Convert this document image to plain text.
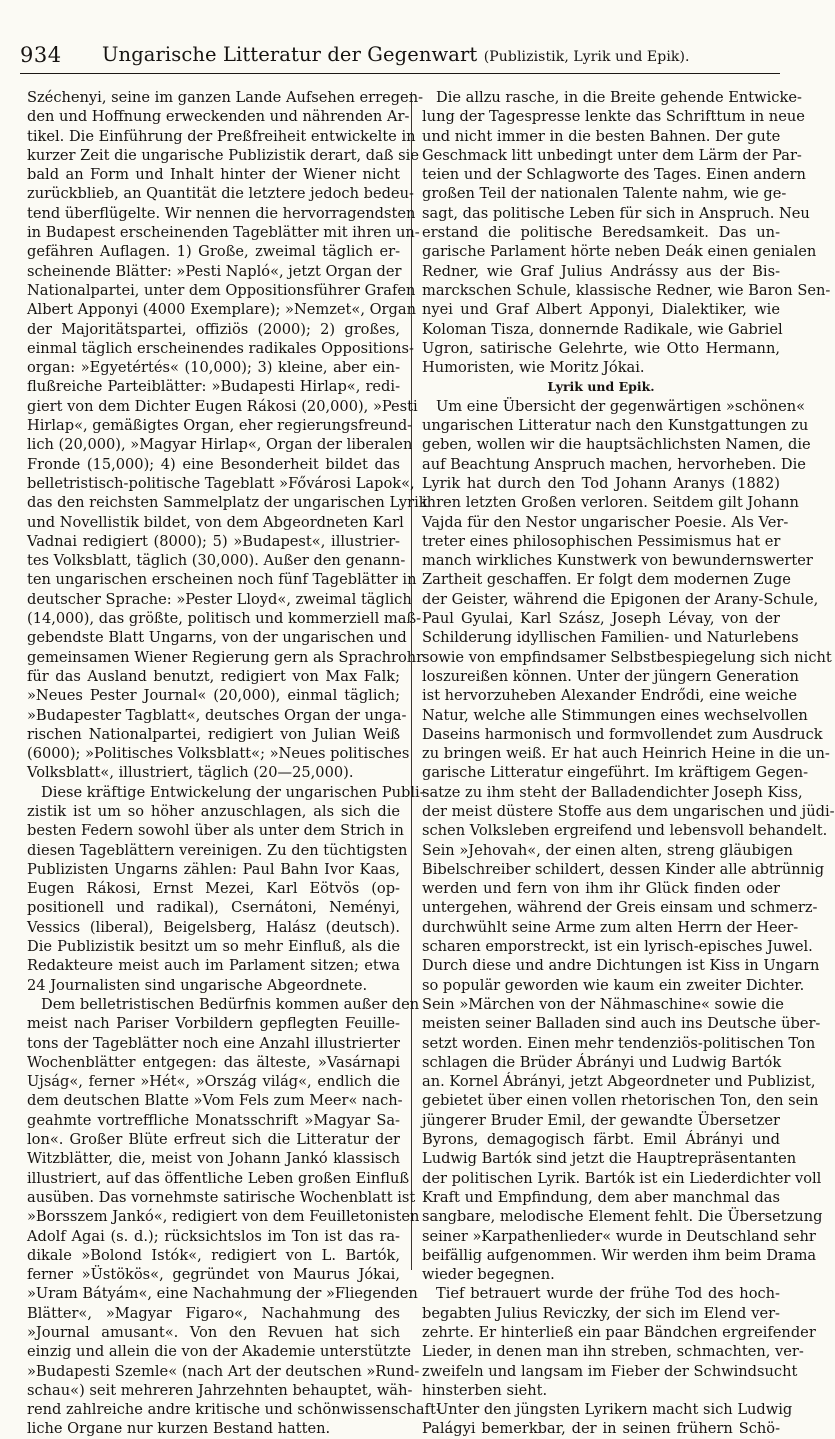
934 Ungarische Litteratur der Gegenwart (Publizistik, Lyrik und Epik).
Széchenyi, seine im ganzen Lande Aufsehen erregen-
den und Hoffnung erweckenden und nährenden Ar-
tikel. Die Einführung der Preßfreiheit entwickelte in
kurzer Zeit die ungarische Publizistik derart, daß sie
bald an Form und Inhalt hinter der Wiener nicht
zurückblieb, an Quantität die letztere jedoch bedeu-
tend überflügelte. Wir nennen die hervorragendsten
in Budapest erscheinenden Tageblätter mit ihren un-
gefähren Auflagen. 1) Große, zweimal täglich er-
scheinende Blätter: »Pesti Napló«, jetzt Organ der
Nationalpartei, unter dem Oppositionsführer Grafen
Albert Apponyi (4000 Exemplare); »Nemzet«, Organ
der Majoritätspartei, offiziös (2000); 2) großes,
einmal täglich erscheinendes radikales Oppositions-
organ: »Egyetértés« (10,000); 3) kleine, aber ein-
flußreiche Parteiblätter: »Budapesti Hirlap«, redi-
giert von dem Dichter Eugen Rákosi (20,000), »Pesti
Hirlap«, gemäßigtes Organ, eher regierungsfreund-
lich (20,000), »Magyar Hirlap«, Organ der liberalen
Fronde (15,000); 4) eine Besonderheit bildet das
belletristisch-politische Tageblatt »Fővárosi Lapok«,
das den reichsten Sammelplatz der ungarischen Lyrik
und Novellistik bildet, von dem Abgeordneten Karl
Vadnai redigiert (8000); 5) »Budapest«, illustrier-
tes Volksblatt, täglich (30,000). Außer den genann-
ten ungarischen erscheinen noch fünf Tageblätter in
deutscher Sprache: »Pester Lloyd«, zweimal täglich
(14,000), das größte, politisch und kommerziell maß-
gebendste Blatt Ungarns, von der ungarischen und
gemeinsamen Wiener Regierung gern als Sprachrohr
für das Ausland benutzt, redigiert von Max Falk;
»Neues Pester Journal« (20,000), einmal täglich;
»Budapester Tagblatt«, deutsches Organ der unga-
rischen Nationalpartei, redigiert von Julian Weiß
(6000); »Politisches Volksblatt«; »Neues politisches
Volksblatt«, illustriert, täglich (20—25,000).
Diese kräftige Entwickelung der ungarischen Publi-
zistik ist um so höher anzuschlagen, als sich die
besten Federn sowohl über als unter dem Strich in
diesen Tageblättern vereinigen. Zu den tüchtigsten
Publizisten Ungarns zählen: Paul Bahn Ivor Kaas,
Eugen Rákosi, Ernst Mezei, Karl Eötvös (op-
positionell und radikal), Csernátoni, Neményi,
Vessics (liberal), Beigelsberg, Halász (deutsch).
Die Publizistik besitzt um so mehr Einfluß, als die
Redakteure meist auch im Parlament sitzen; etwa
24 Journalisten sind ungarische Abgeordnete.
Dem belletristischen Bedürfnis kommen außer den
meist nach Pariser Vorbildern gepflegten Feuille-
tons der Tageblätter noch eine Anzahl illustrierter
Wochenblätter entgegen: das älteste, »Vasárnapi
Ujság«, ferner »Hét«, »Ország világ«, endlich die
dem deutschen Blatte »Vom Fels zum Meer« nach-
geahmte vortreffliche Monatsschrift »Magyar Sa-
lon«. Großer Blüte erfreut sich die Litteratur der
Witzblätter, die, meist von Johann Jankó klassisch
illustriert, auf das öffentliche Leben großen Einfluß
ausüben. Das vornehmste satirische Wochenblatt ist
»Borsszem Jankó«, redigiert von dem Feuilletonisten
Adolf Agai (s. d.); rücksichtslos im Ton ist das ra-
dikale »Bolond Istók«, redigiert von L. Bartók,
ferner »Üstökös«, gegründet von Maurus Jókai,
»Uram Bátyám«, eine Nachahmung der »Fliegenden
Blätter«, »Magyar Figaro«, Nachahmung des
»Journal amusant«. Von den Revuen hat sich
einzig und allein die von der Akademie unterstützte
»Budapesti Szemle« (nach Art der deutschen »Rund-
schau«) seit mehreren Jahrzehnten behauptet, wäh-
rend zahlreiche andre kritische und schönwissenschaft-
liche Organe nur kurzen Bestand hatten.
Die allzu rasche, in die Breite gehende Entwicke-
lung der Tagespresse lenkte das Schrifttum in neue
und nicht immer in die besten Bahnen. Der gute
Geschmack litt unbedingt unter dem Lärm der Par-
teien und der Schlagworte des Tages. Einen andern
großen Teil der nationalen Talente nahm, wie ge-
sagt, das politische Leben für sich in Anspruch. Neu
erstand die politische Beredsamkeit. Das un-
garische Parlament hörte neben Deák einen genialen
Redner, wie Graf Julius Andrássy aus der Bis-
marckschen Schule, klassische Redner, wie Baron Sen-
nyei und Graf Albert Apponyi, Dialektiker, wie
Koloman Tisza, donnernde Radikale, wie Gabriel
Ugron, satirische Gelehrte, wie Otto Hermann,
Humoristen, wie Moritz Jókai.
Lyrik und Epik.
Um eine Übersicht der gegenwärtigen »schönen«
ungarischen Litteratur nach den Kunstgattungen zu
geben, wollen wir die hauptsächlichsten Namen, die
auf Beachtung Anspruch machen, hervorheben. Die
Lyrik hat durch den Tod Johann Aranys (1882)
ihren letzten Großen verloren. Seitdem gilt Johann
Vajda für den Nestor ungarischer Poesie. Als Ver-
treter eines philosophischen Pessimismus hat er
manch wirkliches Kunstwerk von bewundernswerter
Zartheit geschaffen. Er folgt dem modernen Zuge
der Geister, während die Epigonen der Arany-Schule,
Paul Gyulai, Karl Szász, Joseph Lévay, von der
Schilderung idyllischen Familien- und Naturlebens
sowie von empfindsamer Selbstbespiegelung sich nicht
loszureißen können. Unter der jüngern Generation
ist hervorzuheben Alexander Endrődi, eine weiche
Natur, welche alle Stimmungen eines wechselvollen
Daseins harmonisch und formvollendet zum Ausdruck
zu bringen weiß. Er hat auch Heinrich Heine in die un-
garische Litteratur eingeführt. Im kräftigem Gegen-
satze zu ihm steht der Balladendichter Joseph Kiss,
der meist düstere Stoffe aus dem ungarischen und jüdi-
schen Volksleben ergreifend und lebensvoll behandelt.
Sein »Jehovah«, der einen alten, streng gläubigen
Bibelschreiber schildert, dessen Kinder alle abtrünnig
werden und fern von ihm ihr Glück finden oder
untergehen, während der Greis einsam und schmerz-
durchwühlt seine Arme zum alten Herrn der Heer-
scharen emporstreckt, ist ein lyrisch-episches Juwel.
Durch diese und andre Dichtungen ist Kiss in Ungarn
so populär geworden wie kaum ein zweiter Dichter.
Sein »Märchen von der Nähmaschine« sowie die
meisten seiner Balladen sind auch ins Deutsche über-
setzt worden. Einen mehr tendenziös-politischen Ton
schlagen die Brüder Ábrányi und Ludwig Bartók
an. Kornel Ábrányi, jetzt Abgeordneter und Publizist,
gebietet über einen vollen rhetorischen Ton, den sein
jüngerer Bruder Emil, der gewandte Übersetzer
Byrons, demagogisch färbt. Emil Ábrányi und
Ludwig Bartók sind jetzt die Hauptrepräsentanten
der politischen Lyrik. Bartók ist ein Liederdichter voll
Kraft und Empfindung, dem aber manchmal das
sangbare, melodische Element fehlt. Die Übersetzung
seiner »Karpathenlieder« wurde in Deutschland sehr
beifällig aufgenommen. Wir werden ihm beim Drama
wieder begegnen.
Tief betrauert wurde der frühe Tod des hoch-
begabten Julius Reviczky, der sich im Elend ver-
zehrte. Er hinterließ ein paar Bändchen ergreifender
Lieder, in denen man ihn streben, schmachten, ver-
zweifeln und langsam im Fieber der Schwindsucht
hinsterben sieht.
Unter den jüngsten Lyrikern macht sich Ludwig
Palágyi bemerkbar, der in seinen frühern Schö-
